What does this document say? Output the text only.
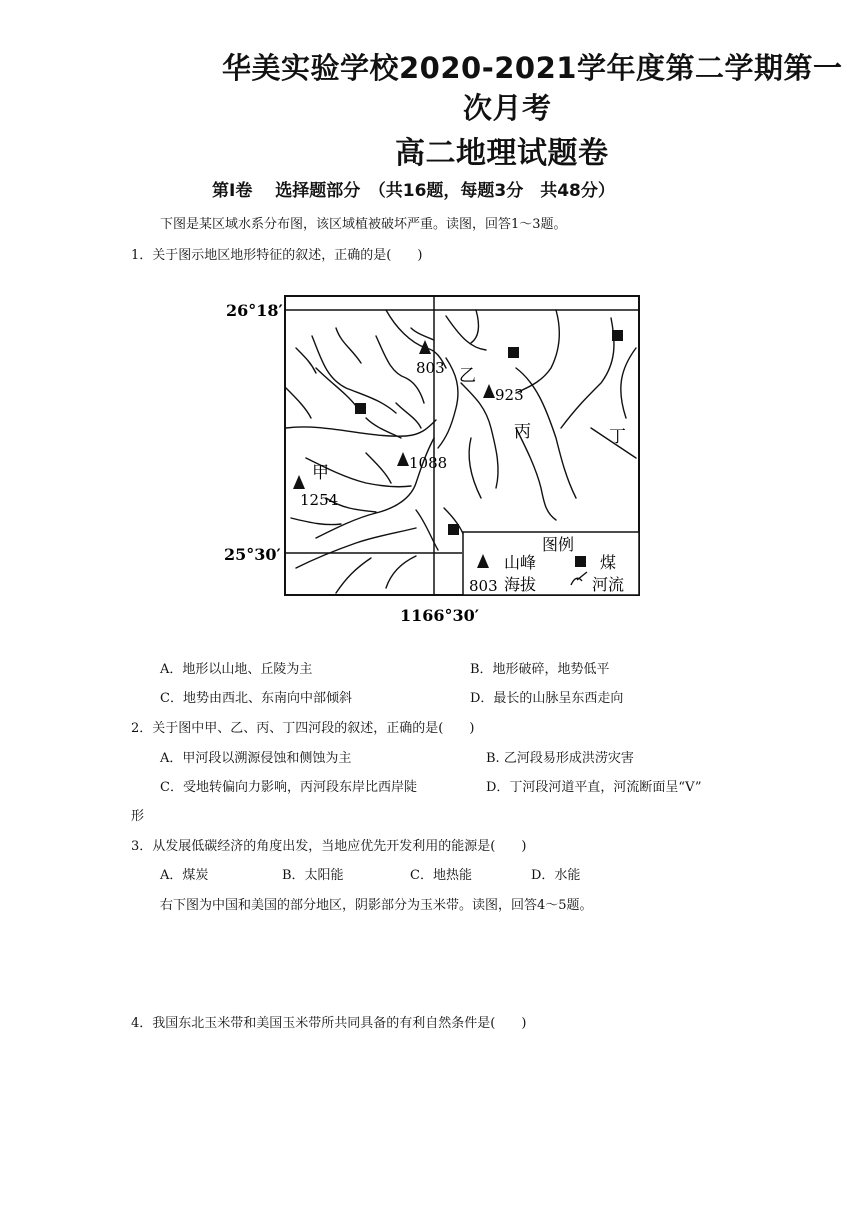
华美实验学校2020-2021学年度第二学期第一
次月考
高二地理试题卷
第Ⅰ卷　 选择题部分　（共16题，每题3分　共48分）
下图是某区域水系分布图，该区域植被破坏严重。读图，回答1～3题。
1．关于图示地区地形特征的叙述，正确的是(　　)
26°18′
25°30′
1166°30′
803
923
1088
1254
甲
乙
丙	丁
图例
山峰	煤
803 海拔	河流
A．地形以山地、丘陵为主	B．地形破碎，地势低平
C．地势由西北、东南向中部倾斜	D．最长的山脉呈东西走向
2．关于图中甲、乙、丙、丁四河段的叙述，正确的是(　　)
A．甲河段以溯源侵蚀和侧蚀为主	B. 乙河段易形成洪涝灾害
C．受地转偏向力影响，丙河段东岸比西岸陡	D．丁河段河道平直，河流断面呈“V”
形
3．从发展低碳经济的角度出发，当地应优先开发利用的能源是(　　)
A．煤炭	B．太阳能	C．地热能	D．水能
右下图为中国和美国的部分地区，阴影部分为玉米带。读图，回答4～5题。
4．我国东北玉米带和美国玉米带所共同具备的有利自然条件是(　　)
